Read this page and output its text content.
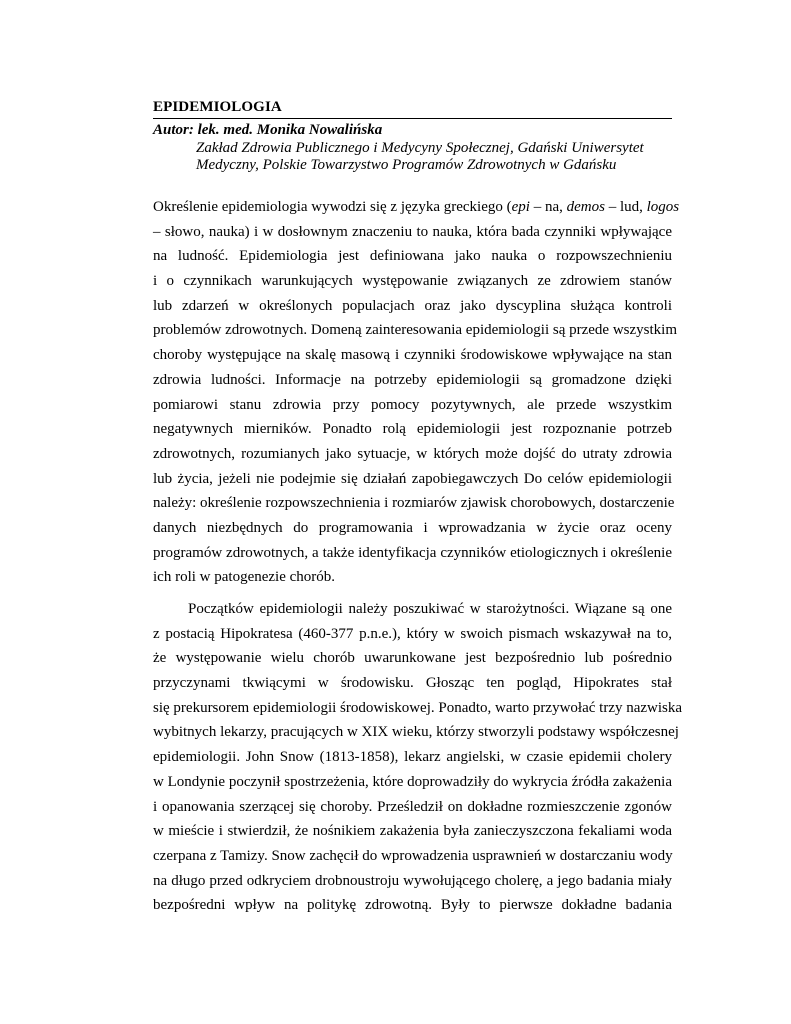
EPIDEMIOLOGIA
Autor: lek. med. Monika Nowalińska
Zakład Zdrowia Publicznego i Medycyny Społecznej, Gdański Uniwersytet
Medyczny, Polskie Towarzystwo Programów Zdrowotnych w Gdańsku
Określenie epidemiologia wywodzi się z języka greckiego (epi – na, demos – lud, logos
– słowo, nauka) i w dosłownym znaczeniu to nauka, która bada czynniki wpływające
na ludność. Epidemiologia jest definiowana jako nauka o rozpowszechnieniu
i o czynnikach warunkujących występowanie związanych ze zdrowiem stanów
lub zdarzeń w określonych populacjach oraz jako dyscyplina służąca kontroli
problemów zdrowotnych. Domeną zainteresowania epidemiologii są przede wszystkim
choroby występujące na skalę masową i czynniki środowiskowe wpływające na stan
zdrowia ludności. Informacje na potrzeby epidemiologii są gromadzone dzięki
pomiarowi stanu zdrowia przy pomocy pozytywnych, ale przede wszystkim
negatywnych mierników. Ponadto rolą epidemiologii jest rozpoznanie potrzeb
zdrowotnych, rozumianych jako sytuacje, w których może dojść do utraty zdrowia
lub życia, jeżeli nie podejmie się działań zapobiegawczych Do celów epidemiologii
należy: określenie rozpowszechnienia i rozmiarów zjawisk chorobowych, dostarczenie
danych niezbędnych do programowania i wprowadzania w życie oraz oceny
programów zdrowotnych, a także identyfikacja czynników etiologicznych i określenie
ich roli w patogenezie chorób.
Początków epidemiologii należy poszukiwać w starożytności. Wiązane są one
z postacią Hipokratesa (460-377 p.n.e.), który w swoich pismach wskazywał na to,
że występowanie wielu chorób uwarunkowane jest bezpośrednio lub pośrednio
przyczynami tkwiącymi w środowisku. Głosząc ten pogląd, Hipokrates stał
się prekursorem epidemiologii środowiskowej. Ponadto, warto przywołać trzy nazwiska
wybitnych lekarzy, pracujących w XIX wieku, którzy stworzyli podstawy współczesnej
epidemiologii. John Snow (1813-1858), lekarz angielski, w czasie epidemii cholery
w Londynie poczynił spostrzeżenia, które doprowadziły do wykrycia źródła zakażenia
i opanowania szerzącej się choroby. Prześledził on dokładne rozmieszczenie zgonów
w mieście i stwierdził, że nośnikiem zakażenia była zanieczyszczona fekaliami woda
czerpana z Tamizy. Snow zachęcił do wprowadzenia usprawnień w dostarczaniu wody
na długo przed odkryciem drobnoustroju wywołującego cholerę, a jego badania miały
bezpośredni wpływ na politykę zdrowotną. Były to pierwsze dokładne badania
